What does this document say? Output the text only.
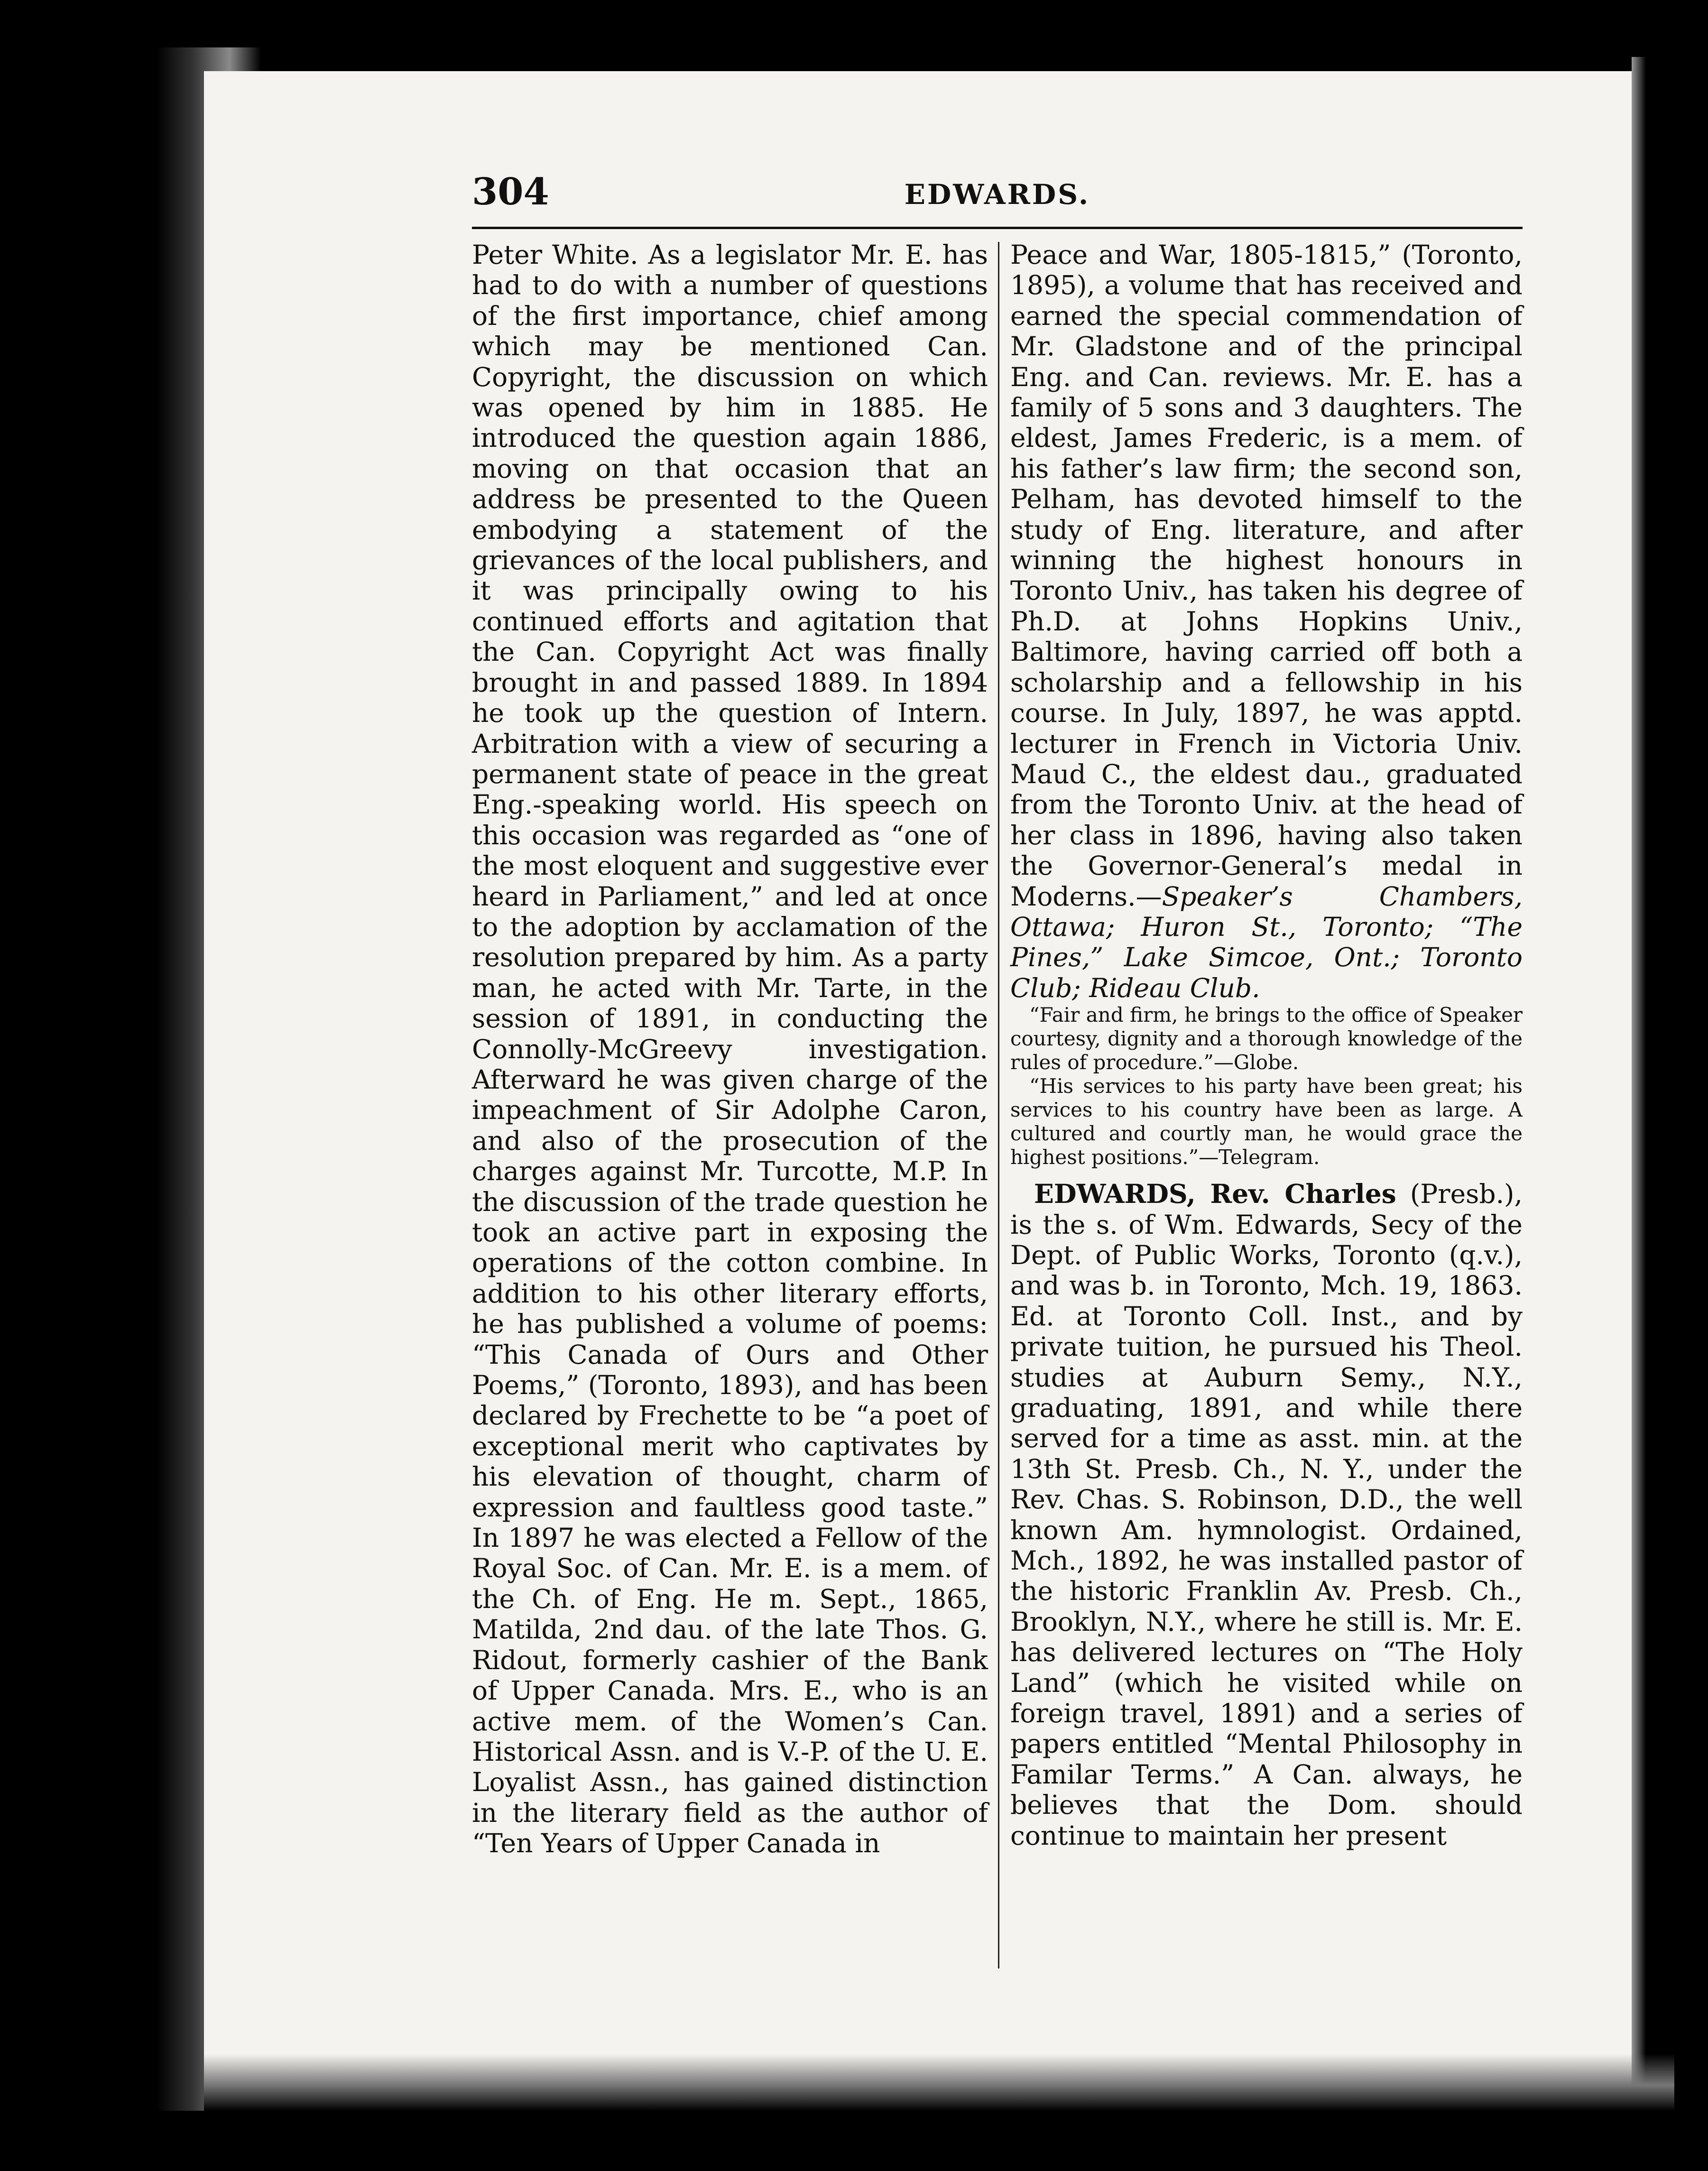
304	EDWARDS.

Peter White. As a legislator Mr. E. has had to do with a number of questions of the first importance, chief among which may be mentioned Can. Copyright, the discussion on which was opened by him in 1885. He introduced the question again 1886, moving on that occasion that an address be presented to the Queen embodying a statement of the grievances of the local publishers, and it was principally owing to his continued efforts and agitation that the Can. Copyright Act was finally brought in and passed 1889. In 1894 he took up the question of Intern. Arbitration with a view of securing a permanent state of peace in the great Eng.-speaking world. His speech on this occasion was regarded as “one of the most eloquent and suggestive ever heard in Parliament,” and led at once to the adoption by acclamation of the resolution prepared by him. As a party man, he acted with Mr. Tarte, in the session of 1891, in conducting the Connolly-McGreevy investigation. Afterward he was given charge of the impeachment of Sir Adolphe Caron, and also of the prosecution of the charges against Mr. Turcotte, M.P. In the discussion of the trade question he took an active part in exposing the operations of the cotton combine. In addition to his other literary efforts, he has published a volume of poems: “This Canada of Ours and Other Poems,” (Toronto, 1893), and has been declared by Frechette to be “a poet of exceptional merit who captivates by his elevation of thought, charm of expression and faultless good taste.” In 1897 he was elected a Fellow of the Royal Soc. of Can. Mr. E. is a mem. of the Ch. of Eng. He m. Sept., 1865, Matilda, 2nd dau. of the late Thos. G. Ridout, formerly cashier of the Bank of Upper Canada. Mrs. E., who is an active mem. of the Women’s Can. Historical Assn. and is V.-P. of the U. E. Loyalist Assn., has gained distinction in the literary field as the author of “Ten Years of Upper Canada in

Peace and War, 1805-1815,” (Toronto, 1895), a volume that has received and earned the special commendation of Mr. Gladstone and of the principal Eng. and Can. reviews. Mr. E. has a family of 5 sons and 3 daughters. The eldest, James Frederic, is a mem. of his father’s law firm; the second son, Pelham, has devoted himself to the study of Eng. literature, and after winning the highest honours in Toronto Univ., has taken his degree of Ph.D. at Johns Hopkins Univ., Baltimore, having carried off both a scholarship and a fellowship in his course. In July, 1897, he was apptd. lecturer in French in Victoria Univ. Maud C., the eldest dau., graduated from the Toronto Univ. at the head of her class in 1896, having also taken the Governor-General’s medal in Moderns.—Speaker’s Chambers, Ottawa; Huron St., Toronto; “The Pines,” Lake Simcoe, Ont.; Toronto Club; Rideau Club.

“Fair and firm, he brings to the office of Speaker courtesy, dignity and a thorough knowledge of the rules of procedure.”—Globe.

“His services to his party have been great; his services to his country have been as large. A cultured and courtly man, he would grace the highest positions.”—Telegram.

EDWARDS, Rev. Charles (Presb.), is the s. of Wm. Edwards, Secy of the Dept. of Public Works, Toronto (q.v.), and was b. in Toronto, Mch. 19, 1863. Ed. at Toronto Coll. Inst., and by private tuition, he pursued his Theol. studies at Auburn Semy., N.Y., graduating, 1891, and while there served for a time as asst. min. at the 13th St. Presb. Ch., N. Y., under the Rev. Chas. S. Robinson, D.D., the well known Am. hymnologist. Ordained, Mch., 1892, he was installed pastor of the historic Franklin Av. Presb. Ch., Brooklyn, N.Y., where he still is. Mr. E. has delivered lectures on “The Holy Land” (which he visited while on foreign travel, 1891) and a series of papers entitled “Mental Philosophy in Familar Terms.” A Can. always, he believes that the Dom. should continue to maintain her present
